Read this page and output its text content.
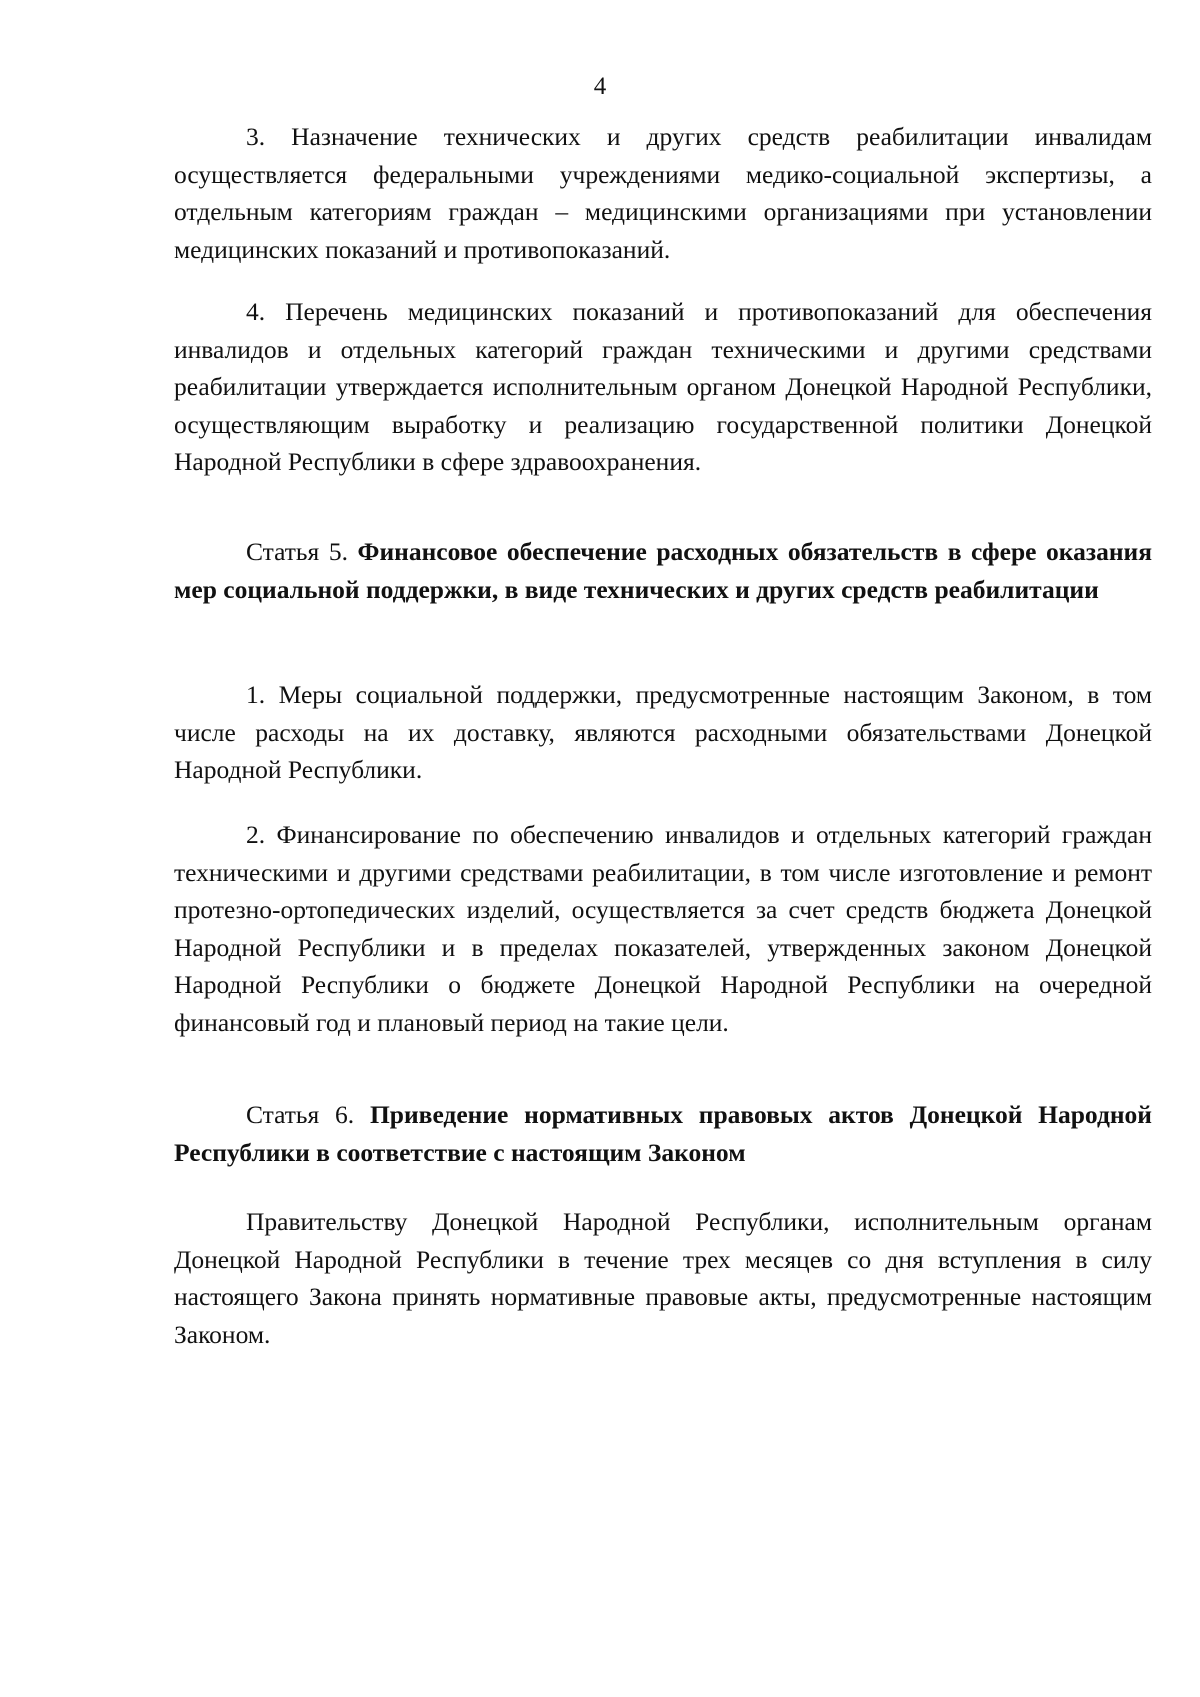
4

3. Назначение технических и других средств реабилитации инвалидам осуществляется федеральными учреждениями медико-социальной экспертизы, а отдельным категориям граждан – медицинскими организациями при установлении медицинских показаний и противопоказаний.

4. Перечень медицинских показаний и противопоказаний для обеспечения инвалидов и отдельных категорий граждан техническими и другими средствами реабилитации утверждается исполнительным органом Донецкой Народной Республики, осуществляющим выработку и реализацию государственной политики Донецкой Народной Республики в сфере здравоохранения.

Статья 5. Финансовое обеспечение расходных обязательств в сфере оказания мер социальной поддержки, в виде технических и других средств реабилитации

1. Меры социальной поддержки, предусмотренные настоящим Законом, в том числе расходы на их доставку, являются расходными обязательствами Донецкой Народной Республики.

2. Финансирование по обеспечению инвалидов и отдельных категорий граждан техническими и другими средствами реабилитации, в том числе изготовление и ремонт протезно-ортопедических изделий, осуществляется за счет средств бюджета Донецкой Народной Республики и в пределах показателей, утвержденных законом Донецкой Народной Республики о бюджете Донецкой Народной Республики на очередной финансовый год и плановый период на такие цели.

Статья 6. Приведение нормативных правовых актов Донецкой Народной Республики в соответствие с настоящим Законом

Правительству Донецкой Народной Республики, исполнительным органам Донецкой Народной Республики в течение трех месяцев со дня вступления в силу настоящего Закона принять нормативные правовые акты, предусмотренные настоящим Законом.
